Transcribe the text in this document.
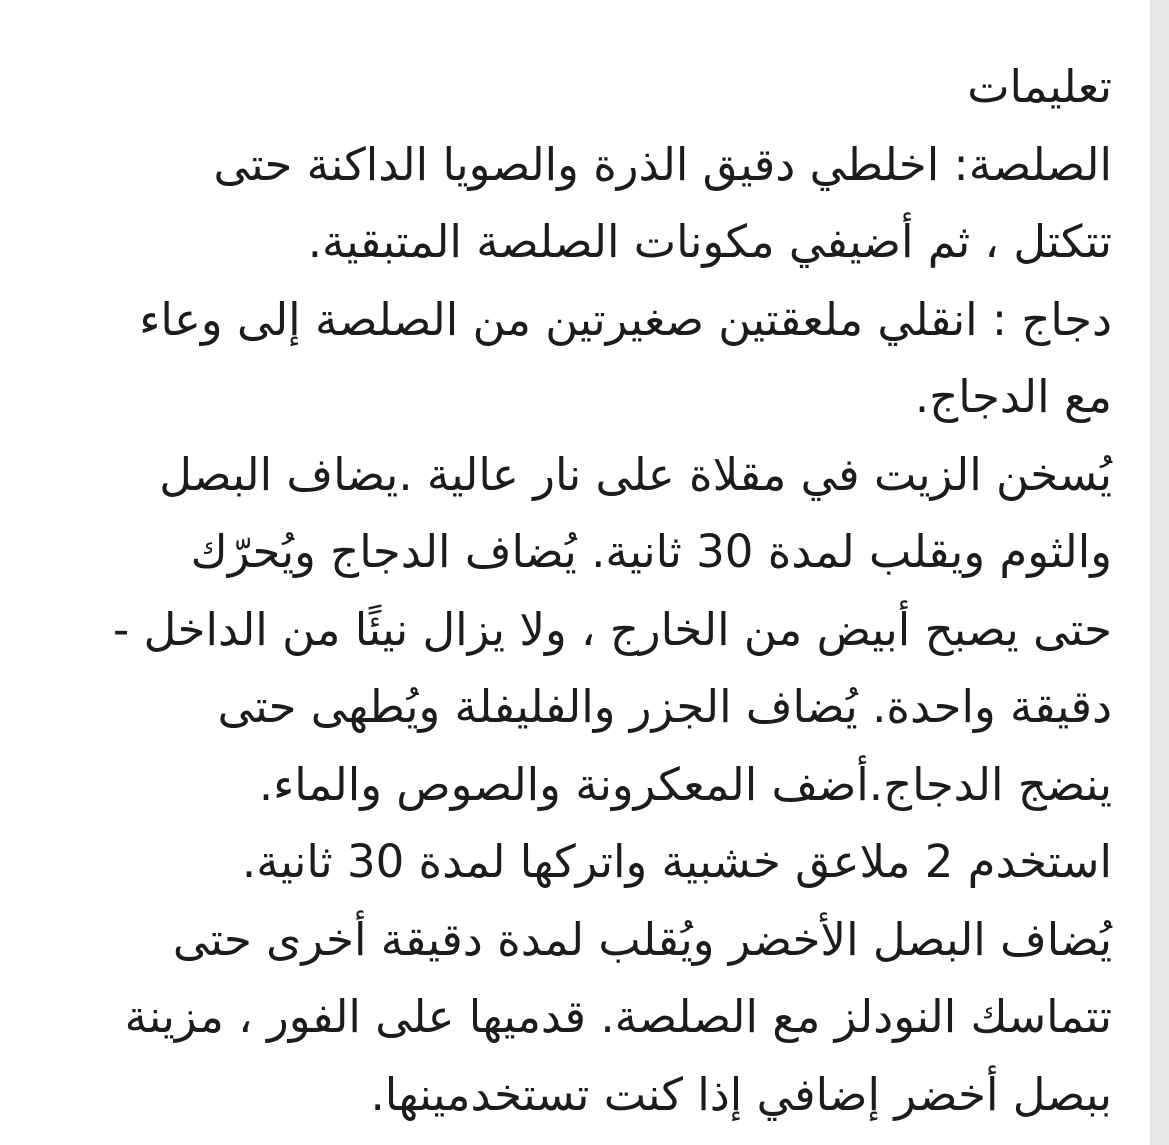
تعليمات
الصلصة: اخلطي دقيق الذرة والصويا الداكنة حتى
تتكتل ، ثم أضيفي مكونات الصلصة المتبقية.
دجاج : انقلي ملعقتين صغيرتين من الصلصة إلى وعاء
مع الدجاج.
يُسخن الزيت في مقلاة على نار عالية .يضاف البصل
والثوم ويقلب لمدة 30 ثانية. يُضاف الدجاج ويُحرّك
حتى يصبح أبيض من الخارج ، ولا يزال نيئًا من الداخل -
دقيقة واحدة. يُضاف الجزر والفليفلة ويُطهى حتى
ينضج الدجاج.أضف المعكرونة والصوص والماء.
استخدم 2 ملاعق خشبية واتركها لمدة 30 ثانية.
يُضاف البصل الأخضر ويُقلب لمدة دقيقة أخرى حتى
تتماسك النودلز مع الصلصة. قدميها على الفور ، مزينة
ببصل أخضر إضافي إذا كنت تستخدمينها.
